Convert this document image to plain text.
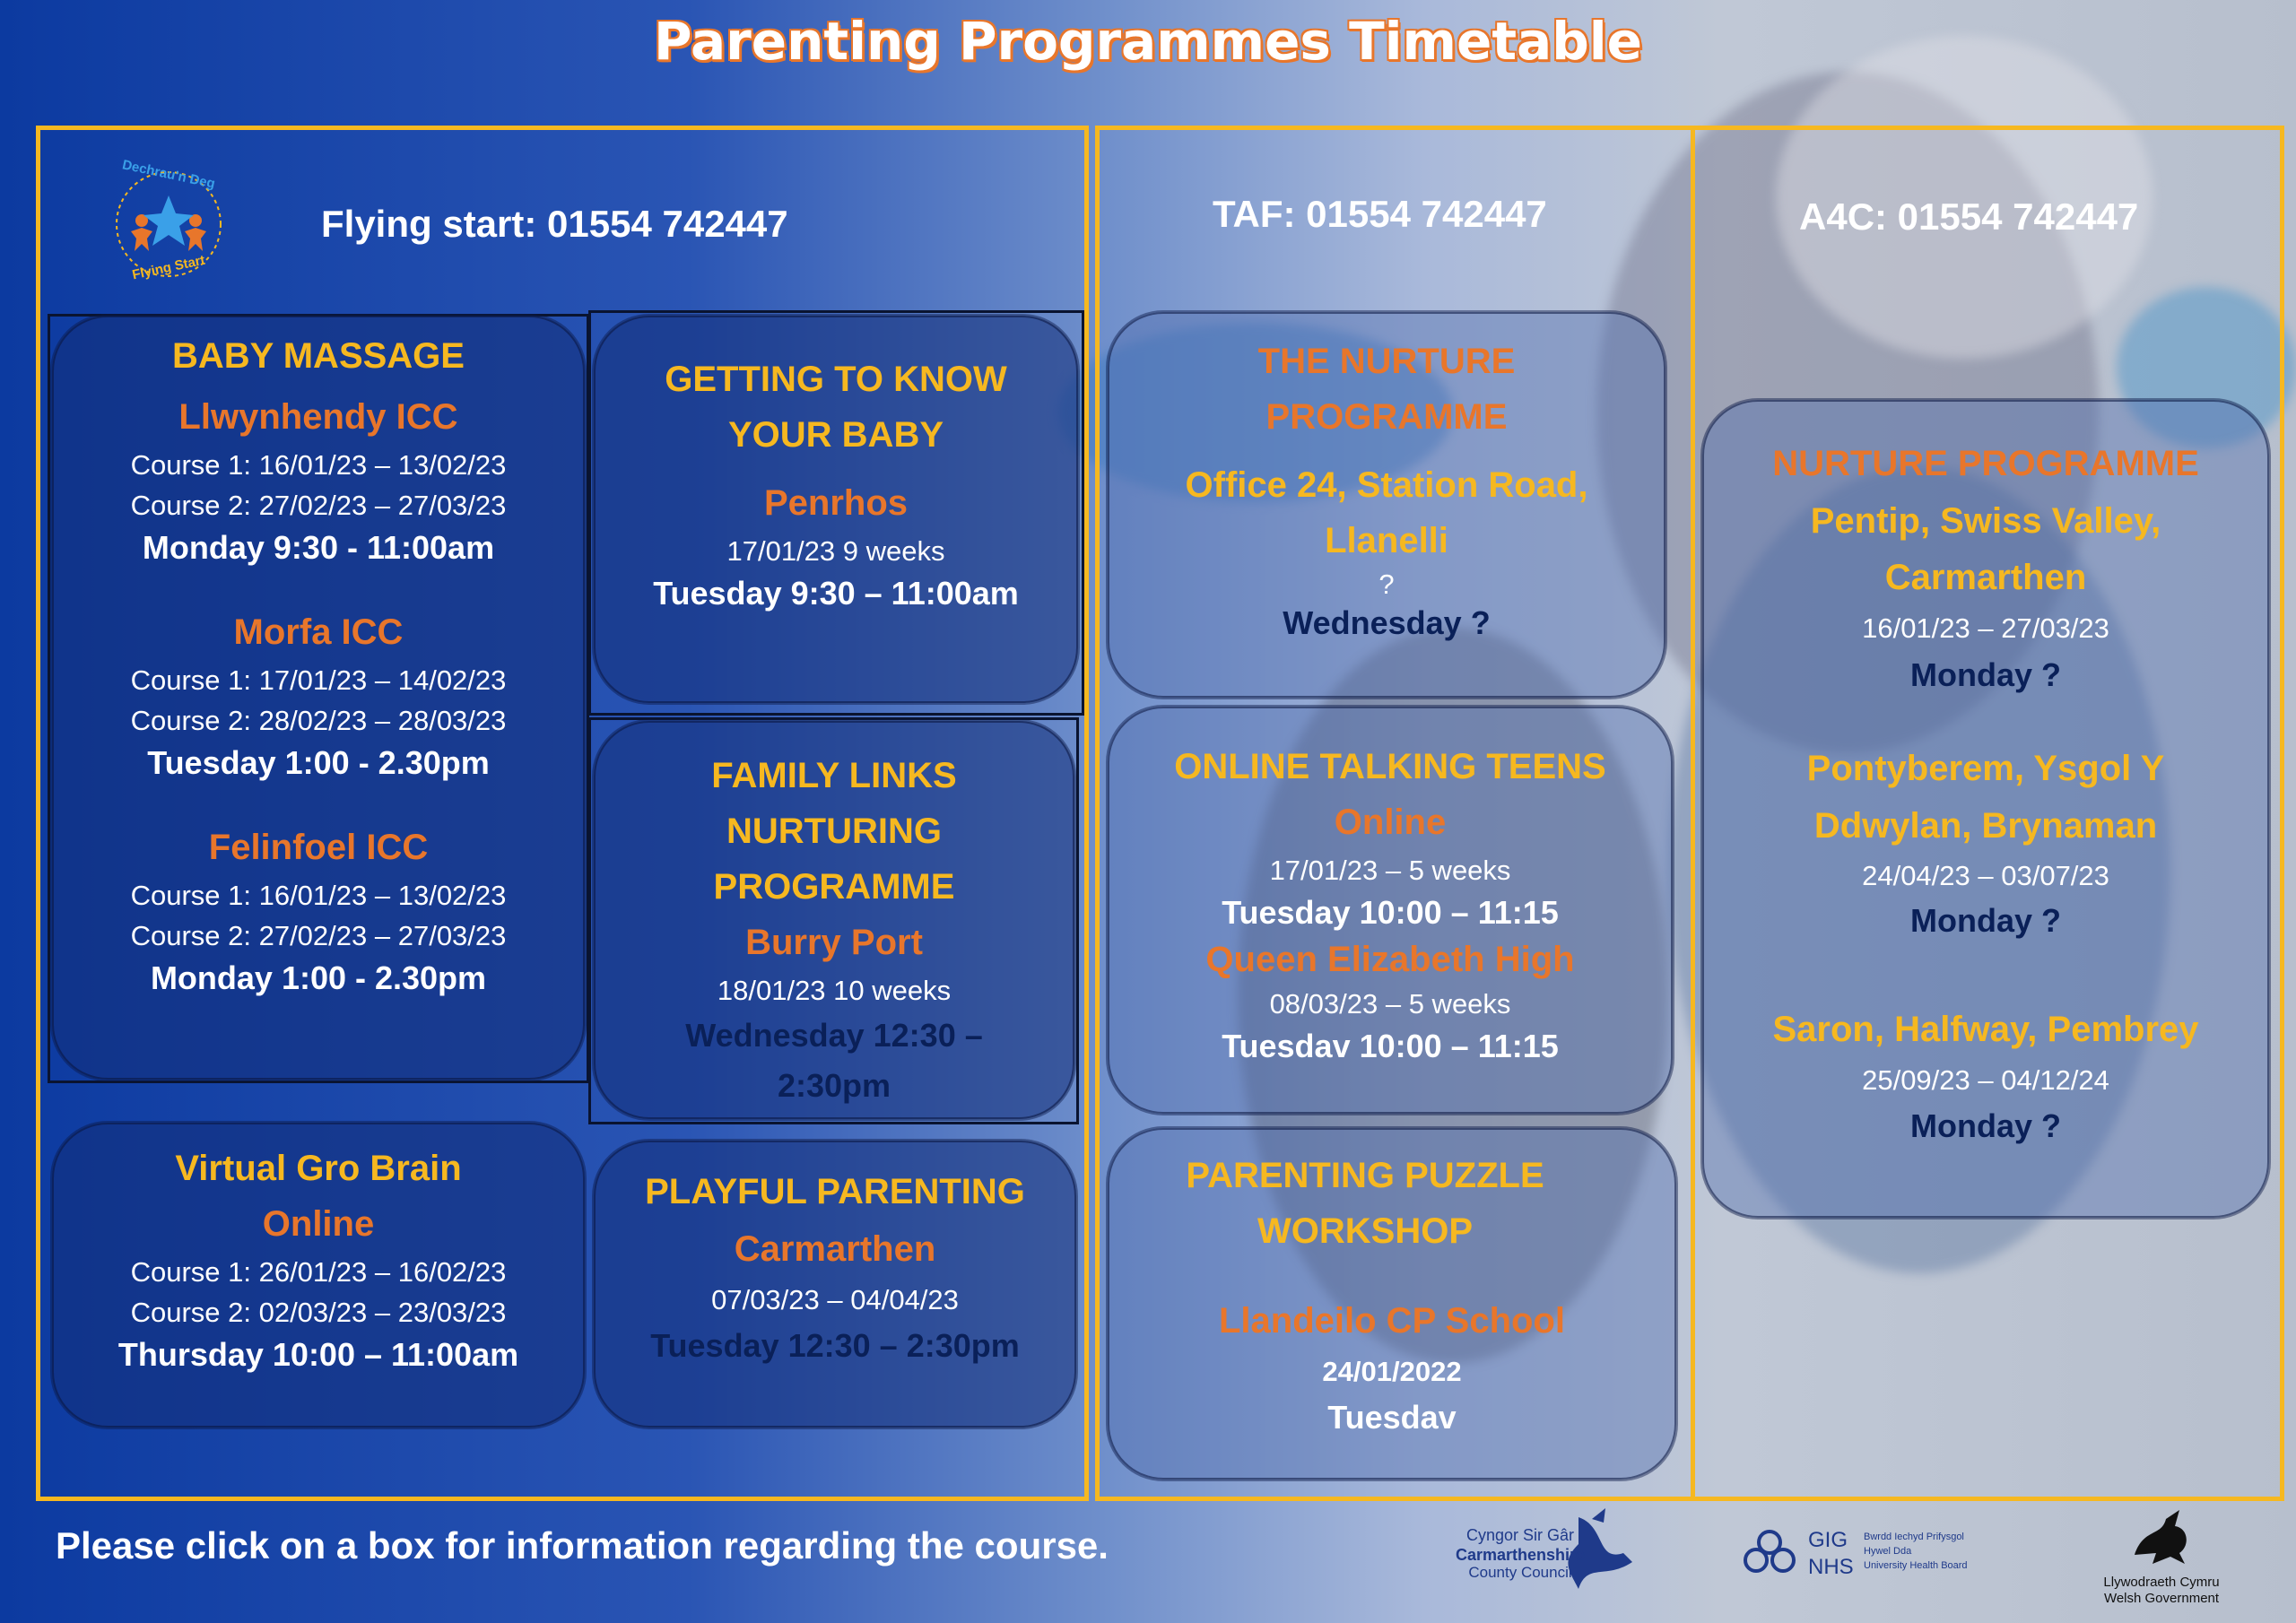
Parenting Programmes Timetable
Dechrau'n Deg
Flying Start
Flying start: 01554 742447	TAF: 01554 742447	A4C: 01554 742447
BABY MASSAGE
Llwynhendy ICC
Course 1: 16/01/23 – 13/02/23
Course 2: 27/02/23 – 27/03/23
Monday 9:30 - 11:00am
Morfa ICC
Course 1: 17/01/23 – 14/02/23
Course 2: 28/02/23 – 28/03/23
Tuesday 1:00 - 2.30pm
Felinfoel ICC
Course 1: 16/01/23 – 13/02/23
Course 2: 27/02/23 – 27/03/23
Monday 1:00 - 2.30pm
GETTING TO KNOW
YOUR BABY
Penrhos
17/01/23 9 weeks
Tuesday 9:30 – 11:00am
FAMILY LINKS
NURTURING
PROGRAMME
Burry Port
18/01/23 10 weeks
Wednesday 12:30 –
2:30pm
Virtual Gro Brain
Online
Course 1: 26/01/23 – 16/02/23
Course 2: 02/03/23 – 23/03/23
Thursday 10:00 – 11:00am
PLAYFUL PARENTING
Carmarthen
07/03/23 – 04/04/23
Tuesday 12:30 – 2:30pm
THE NURTURE
PROGRAMME
Office 24, Station Road,
Llanelli
?
Wednesday ?
ONLINE TALKING TEENS
Online
17/01/23 – 5 weeks
Tuesday 10:00 – 11:15
Queen Elizabeth High
08/03/23 – 5 weeks
Tuesdav 10:00 – 11:15
PARENTING PUZZLE
WORKSHOP
Llandeilo CP School
24/01/2022
Tuesdav
NURTURE PROGRAMME
Pentip, Swiss Valley,
Carmarthen
16/01/23 – 27/03/23
Monday ?
Pontyberem, Ysgol Y
Ddwylan, Brynaman
24/04/23 – 03/07/23
Monday ?
Saron, Halfway, Pembrey
25/09/23 – 04/12/24
Monday ?
Please click on a box for information regarding the course.	Cyngor Sir Gâr
Carmarthenshire
County Council
GIG
NHS
Bwrdd Iechyd Prifysgol
Hywel Dda
University Health Board
Llywodraeth Cymru
Welsh Government
